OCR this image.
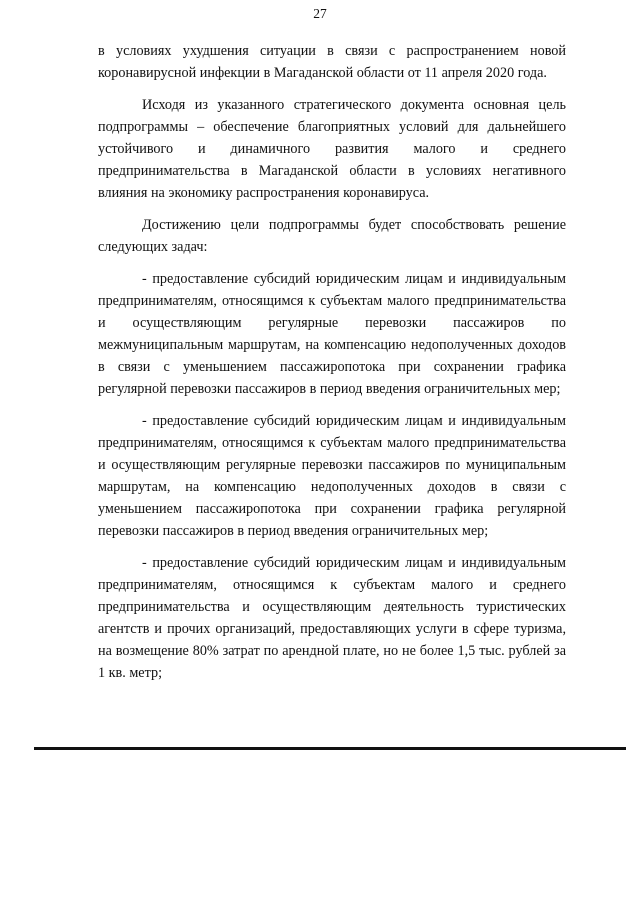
27

в условиях ухудшения ситуации в связи с распространением новой коронавирусной инфекции в Магаданской области от 11 апреля 2020 года.

Исходя из указанного стратегического документа основная цель подпрограммы – обеспечение благоприятных условий для дальнейшего устойчивого и динамичного развития малого и среднего предпринимательства в Магаданской области в условиях негативного влияния на экономику распространения коронавируса.

Достижению цели подпрограммы будет способствовать решение следующих задач:

- предоставление субсидий юридическим лицам и индивидуальным предпринимателям, относящимся к субъектам малого предпринимательства и осуществляющим регулярные перевозки пассажиров по межмуниципальным маршрутам, на компенсацию недополученных доходов в связи с уменьшением пассажиропотока при сохранении графика регулярной перевозки пассажиров в период введения ограничительных мер;

- предоставление субсидий юридическим лицам и индивидуальным предпринимателям, относящимся к субъектам малого предпринимательства и осуществляющим регулярные перевозки пассажиров по муниципальным маршрутам, на компенсацию недополученных доходов в связи с уменьшением пассажиропотока при сохранении графика регулярной перевозки пассажиров в период введения ограничительных мер;

- предоставление субсидий юридическим лицам и индивидуальным предпринимателям, относящимся к субъектам малого и среднего предпринимательства и осуществляющим деятельность туристических агентств и прочих организаций, предоставляющих услуги в сфере туризма, на возмещение 80% затрат по арендной плате, но не более 1,5 тыс. рублей за 1 кв. метр;
